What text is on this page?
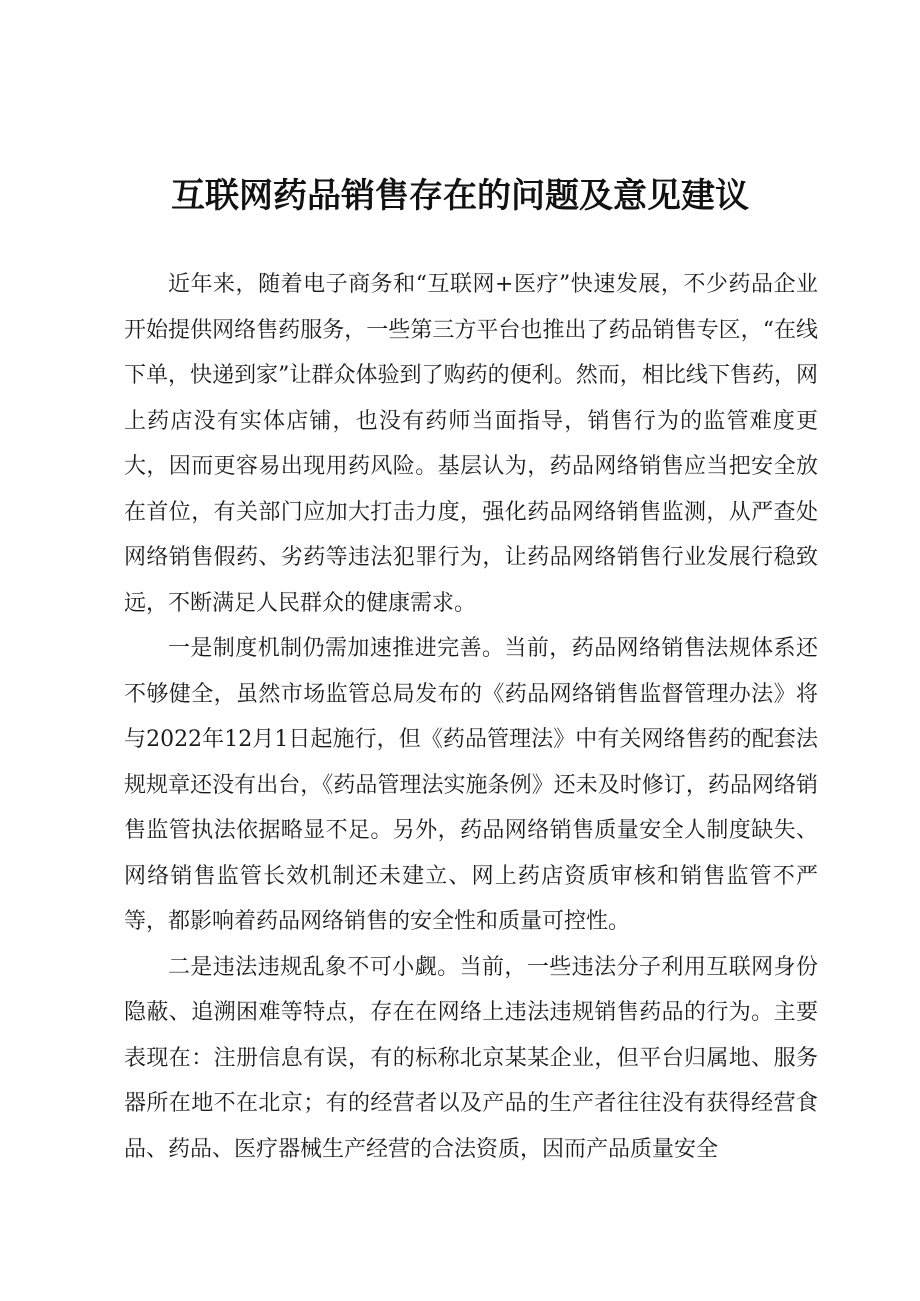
互联网药品销售存在的问题及意见建议

近年来，随着电子商务和“互联网+医疗”快速发展，不少药品企业开始提供网络售药服务，一些第三方平台也推出了药品销售专区，“在线下单，快递到家”让群众体验到了购药的便利。然而，相比线下售药，网上药店没有实体店铺，也没有药师当面指导，销售行为的监管难度更大，因而更容易出现用药风险。基层认为，药品网络销售应当把安全放在首位，有关部门应加大打击力度，强化药品网络销售监测，从严查处网络销售假药、劣药等违法犯罪行为，让药品网络销售行业发展行稳致远，不断满足人民群众的健康需求。

一是制度机制仍需加速推进完善。当前，药品网络销售法规体系还不够健全，虽然市场监管总局发布的《药品网络销售监督管理办法》将与2022年12月1日起施行，但《药品管理法》中有关网络售药的配套法规规章还没有出台，《药品管理法实施条例》还未及时修订，药品网络销售监管执法依据略显不足。另外，药品网络销售质量安全人制度缺失、网络销售监管长效机制还未建立、网上药店资质审核和销售监管不严等，都影响着药品网络销售的安全性和质量可控性。

二是违法违规乱象不可小觑。当前，一些违法分子利用互联网身份隐蔽、追溯困难等特点，存在在网络上违法违规销售药品的行为。主要表现在：注册信息有误，有的标称北京某某企业，但平台归属地、服务器所在地不在北京；有的经营者以及产品的生产者往往没有获得经营食品、药品、医疗器械生产经营的合法资质，因而产品质量安全
